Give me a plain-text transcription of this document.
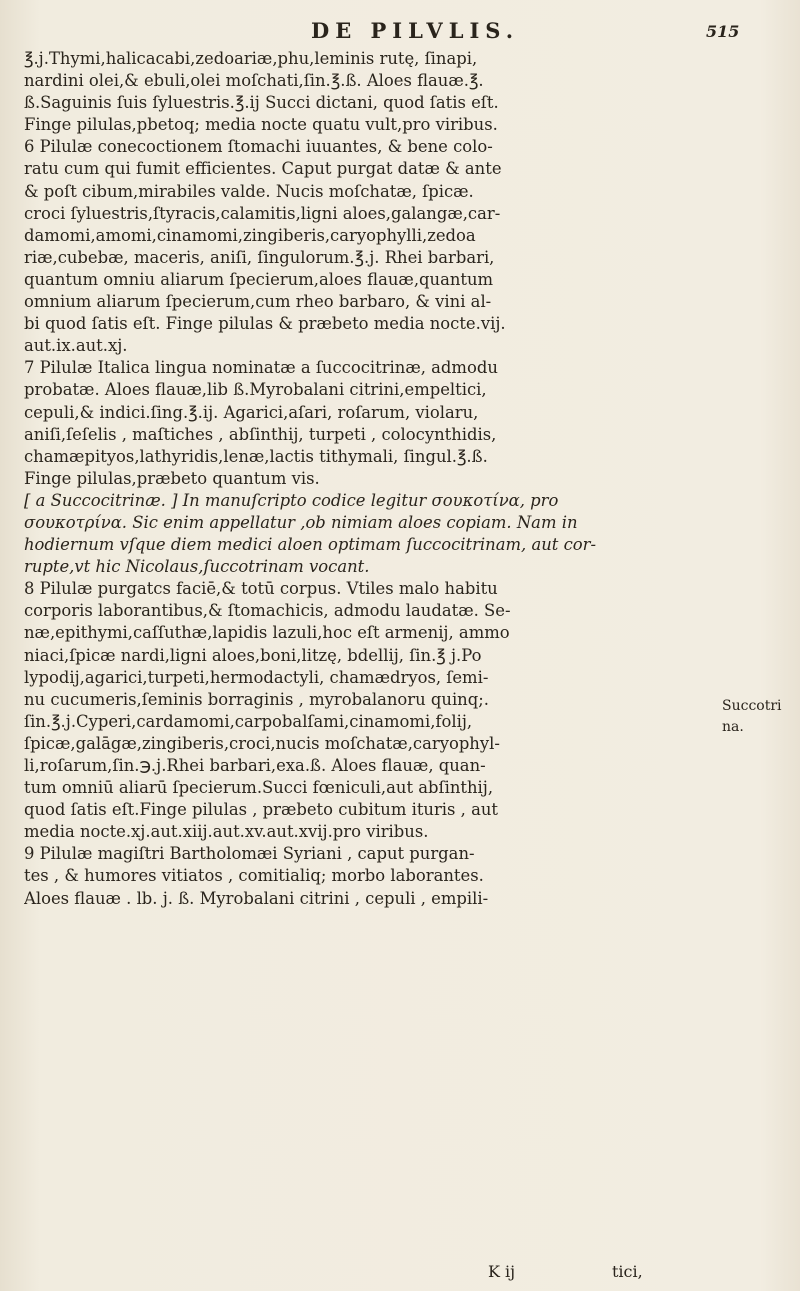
DE PILVLIS.	515
℥.j.Thymi,halicacabi,zedoariæ,phu,leminis rutę, ſinapi,
nardini olei,& ebuli,olei moſchati,ſin.℥.ß. Aloes flauæ.℥.
ß.Saguinis ſuis ſyluestris.℥.ij Succi dictani, quod ſatis eſt.
Finge pilulas,pbetoq; media nocte quatu vult,pro viribus.
6 Pilulæ conecoctionem ſtomachi iuuantes, & bene colo-
ratu cum qui fumit efficientes. Caput purgat datæ & ante
& poſt cibum,mirabiles valde. Nucis moſchatæ, ſpicæ.
croci ſyluestris,ſtyracis,calamitis,ligni aloes,galangæ,car-
damomi,amomi,cinamomi,zingiberis,caryophylli,zedoa
riæ,cubebæ, maceris, aniſi, ſingulorum.℥.j. Rhei barbari,
quantum omniu aliarum ſpecierum,aloes flauæ,quantum
omnium aliarum ſpecierum,cum rheo barbaro, & vini al-
bi quod ſatis eſt. Finge pilulas & præbeto media nocte.vij.
aut.ix.aut.xj.
7 Pilulæ Italica lingua nominatæ a ſuccocitrinæ, admodu
probatæ. Aloes flauæ,lib ß.Myrobalani citrini,empeltici,
cepuli,& indici.ſing.℥.ij. Agarici,aſari, roſarum, violaru,
aniſi,ſeſelis , maſtiches , abſinthij, turpeti , colocynthidis,
chamæpityos,lathyridis,lenæ,lactis tithymali, ſingul.℥.ß.
Finge pilulas,præbeto quantum vis.
[ a Succocitrinæ. ] In manuſcripto codice legitur σουκοτίνα, pro
σουκοτρίνα. Sic enim appellatur ,ob nimiam aloes copiam. Nam in
hodiernum vſque diem medici aloen optimam ſuccocitrinam, aut cor-
rupte,vt hic Nicolaus,ſuccotrinam vocant.
8 Pilulæ purgatcs faciē,& totū corpus. Vtiles malo habitu
corporis laborantibus,& ſtomachicis, admodu laudatæ. Se-
næ,epithymi,caſſuthæ,lapidis lazuli,hoc eſt armenij, ammo
niaci,ſpicæ nardi,ligni aloes,boni,litzę, bdellij, ſin.℥ j.Po
lypodij,agarici,turpeti,hermodactyli, chamædryos, ſemi-
nu cucumeris,ſeminis borraginis , myrobalanoru quinq;.
ſin.℥.j.Cyperi,cardamomi,carpobalſami,cinamomi,folij,
ſpicæ,galāgæ,zingiberis,croci,nucis moſchatæ,caryophyl-
li,roſarum,ſin.℈.j.Rhei barbari,exa.ß. Aloes flauæ, quan-
tum omniū aliarū ſpecierum.Succi fœniculi,aut abſinthij,
quod ſatis eſt.Finge pilulas , præbeto cubitum ituris , aut
media nocte.xj.aut.xiij.aut.xv.aut.xvij.pro viribus.
9 Pilulæ magiſtri Bartholomæi Syriani , caput purgan-
tes , & humores vitiatos , comitialiq; morbo laborantes.
Aloes flauæ . lb. j. ß. Myrobalani citrini , cepuli , empili-
Succotri
na.
K ij	tici,
